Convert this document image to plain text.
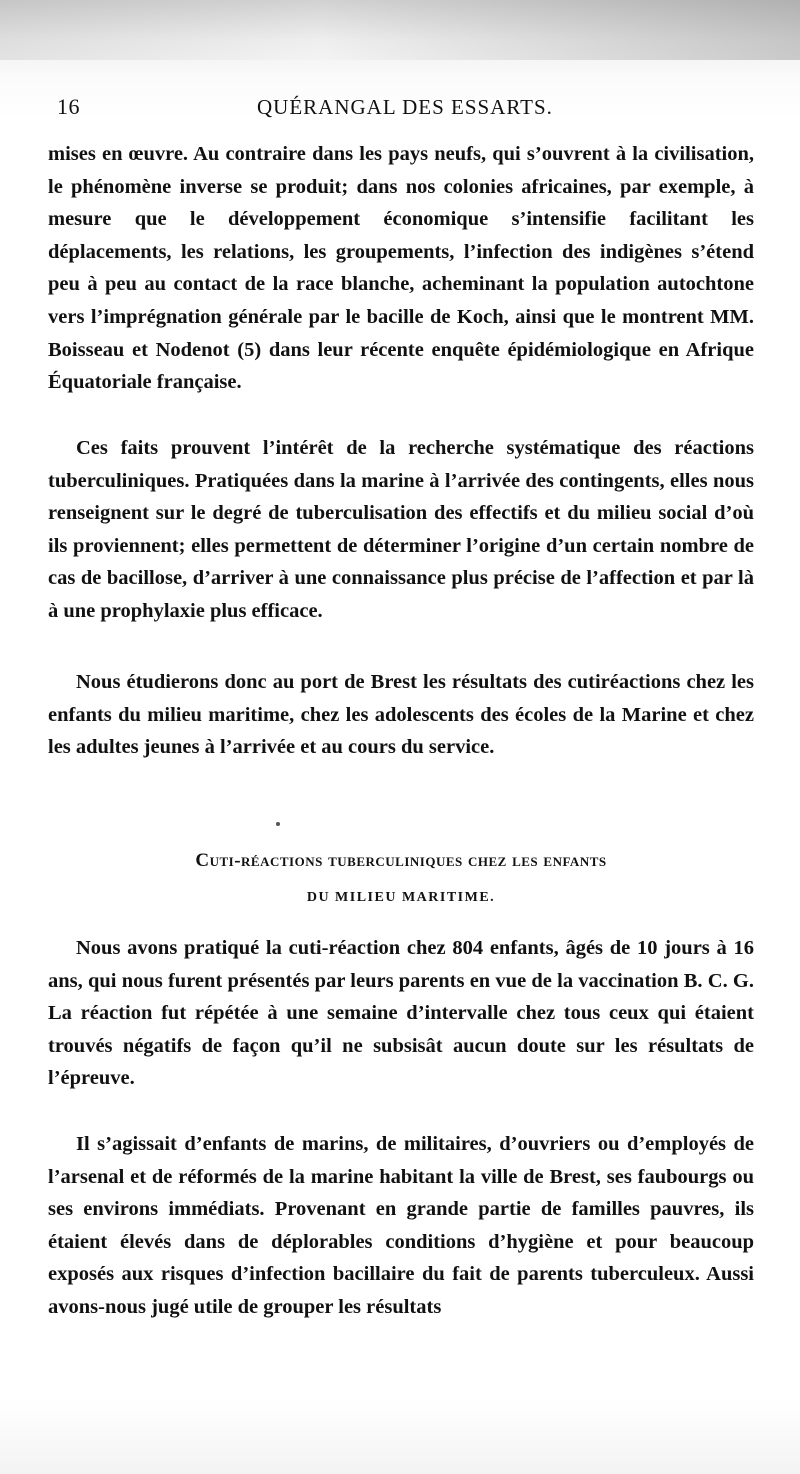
16	QUÉRANGAL DES ESSARTS.

mises en œuvre. Au contraire dans les pays neufs, qui s’ouvrent à la civilisation, le phénomène inverse se produit; dans nos colonies africaines, par exemple, à mesure que le développement économique s’intensifie facilitant les déplacements, les relations, les groupements, l’infection des indigènes s’étend peu à peu au contact de la race blanche, acheminant la population autochtone vers l’imprégnation générale par le bacille de Koch, ainsi que le montrent MM. Boisseau et Nodenot (5) dans leur récente enquête épidémiologique en Afrique Équatoriale française.

Ces faits prouvent l’intérêt de la recherche systématique des réactions tuberculiniques. Pratiquées dans la marine à l’arrivée des contingents, elles nous renseignent sur le degré de tuberculisation des effectifs et du milieu social d’où ils proviennent; elles permettent de déterminer l’origine d’un certain nombre de cas de bacillose, d’arriver à une connaissance plus précise de l’affection et par là à une prophylaxie plus efficace.

Nous étudierons donc au port de Brest les résultats des cutiréactions chez les enfants du milieu maritime, chez les adolescents des écoles de la Marine et chez les adultes jeunes à l’arrivée et au cours du service.

Cuti-réactions tuberculiniques chez les enfants

DU MILIEU MARITIME.

Nous avons pratiqué la cuti-réaction chez 804 enfants, âgés de 10 jours à 16 ans, qui nous furent présentés par leurs parents en vue de la vaccination B. C. G. La réaction fut répétée à une semaine d’intervalle chez tous ceux qui étaient trouvés négatifs de façon qu’il ne subsisât aucun doute sur les résultats de l’épreuve.

Il s’agissait d’enfants de marins, de militaires, d’ouvriers ou d’employés de l’arsenal et de réformés de la marine habitant la ville de Brest, ses faubourgs ou ses environs immédiats. Provenant en grande partie de familles pauvres, ils étaient élevés dans de déplorables conditions d’hygiène et pour beaucoup exposés aux risques d’infection bacillaire du fait de parents tuberculeux. Aussi avons-nous jugé utile de grouper les résultats
